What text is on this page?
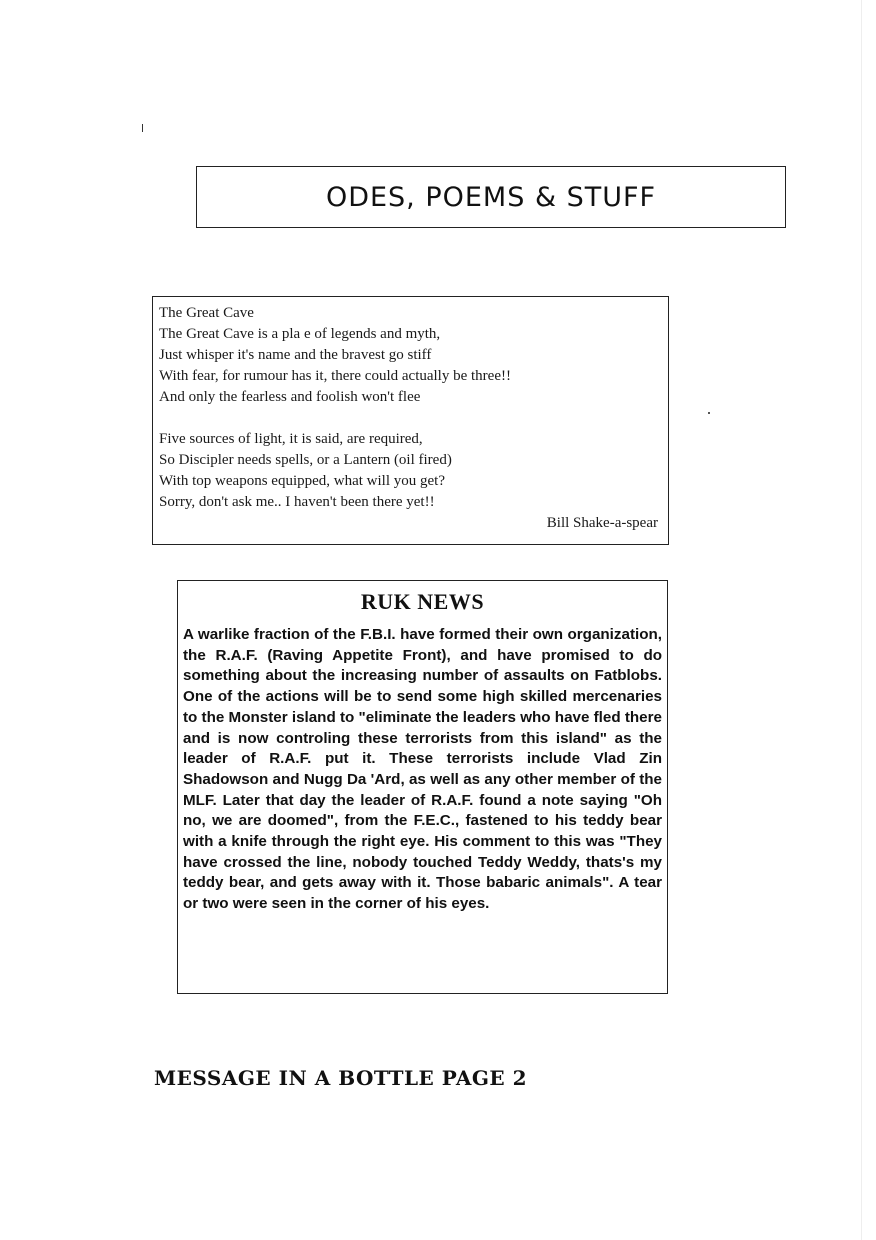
ODES, POEMS & STUFF
The Great Cave
The Great Cave is a pla e of legends and myth,
Just whisper it's name and the bravest go stiff
With fear, for rumour has it, there could actually be three!!
And only the fearless and foolish won't flee
Five sources of light, it is said, are required,
So Discipler needs spells, or a Lantern (oil fired)
With top weapons equipped, what will you get?
Sorry, don't ask me.. I haven't been there yet!!
Bill Shake-a-spear
RUK NEWS
A warlike fraction of the F.B.I. have formed their own organization, the R.A.F. (Raving Appetite Front), and have promised to do something about the increasing number of assaults on Fatblobs. One of the actions will be to send some high skilled mercenaries to the Monster island to "eliminate the leaders who have fled there and is now controling these terrorists from this island" as the leader of R.A.F. put it. These terrorists include Vlad Zin Shadowson and Nugg Da 'Ard, as well as any other member of the MLF. Later that day the leader of R.A.F. found a note saying "Oh no, we are doomed", from the F.E.C., fastened to his teddy bear with a knife through the right eye. His comment to this was "They have crossed the line, nobody touched Teddy Weddy, thats's my teddy bear, and gets away with it. Those babaric animals". A tear or two were seen in the corner of his eyes.
MESSAGE IN A BOTTLE PAGE 2
